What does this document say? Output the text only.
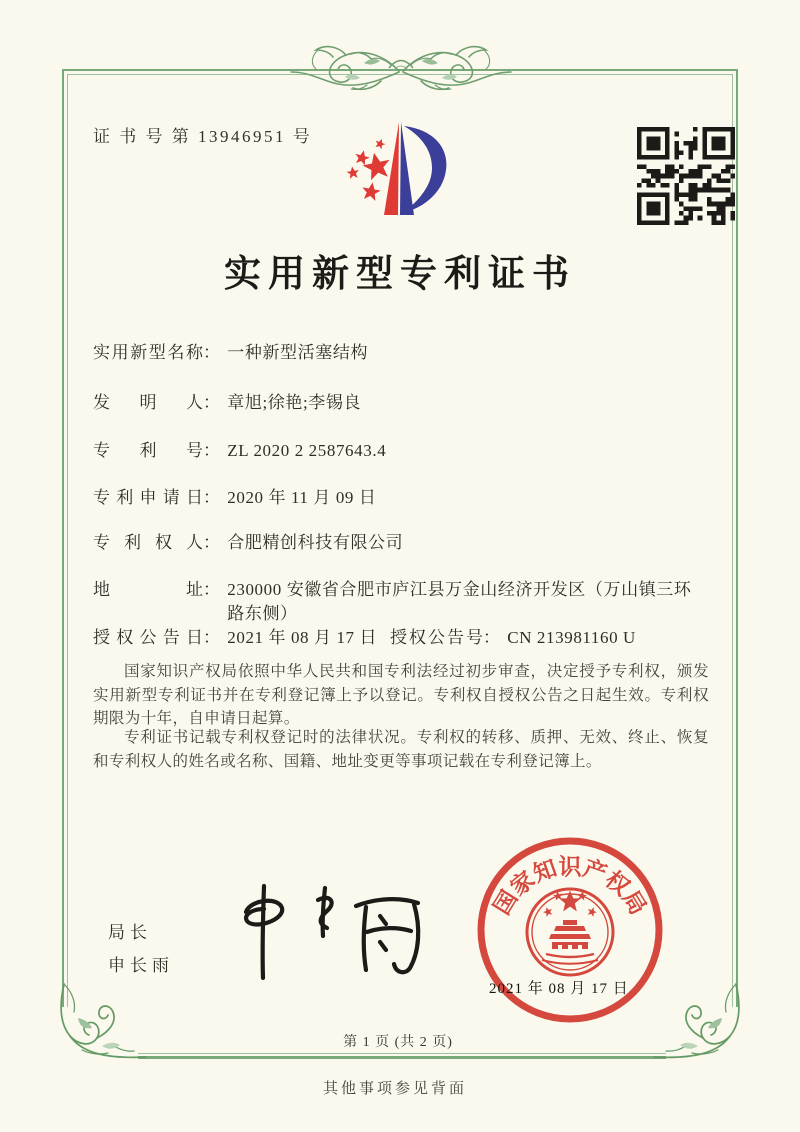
证 书 号 第 13946951 号
实用新型专利证书
实用新型名称： 一种新型活塞结构
发明人： 章旭;徐艳;李锡良
专利号： ZL 2020 2 2587643.4
专利申请日： 2020 年 11 月 09 日
专利权人： 合肥精创科技有限公司
地址： 230000 安徽省合肥市庐江县万金山经济开发区（万山镇三环路东侧）
授权公告日： 2021 年 08 月 17 日 授权公告号： CN 213981160 U
国家知识产权局依照中华人民共和国专利法经过初步审查，决定授予专利权，颁发实用新型专利证书并在专利登记簿上予以登记。专利权自授权公告之日起生效。专利权期限为十年，自申请日起算。
专利证书记载专利权登记时的法律状况。专利权的转移、质押、无效、终止、恢复和专利权人的姓名或名称、国籍、地址变更等事项记载在专利登记簿上。
局长
申长雨
国家知识产权局
2021 年 08 月 17 日
第 1 页 (共 2 页)
其他事项参见背面
